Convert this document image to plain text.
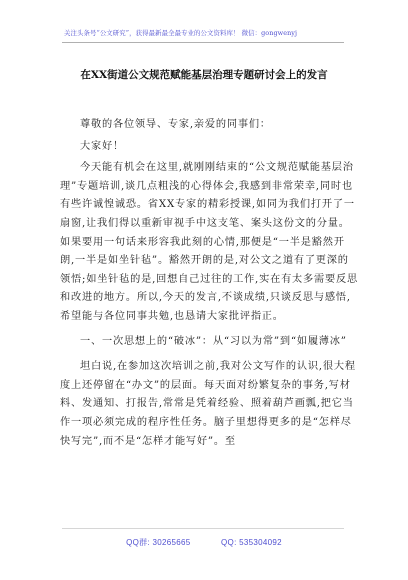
关注头条号“公文研究”，获得最新最全最专业的公文资料库！ 微信：gongwenyj
在XX街道公文规范赋能基层治理专题研讨会上的发言

尊敬的各位领导、专家,亲爱的同事们：

大家好！

今天能有机会在这里,就刚刚结束的“公文规范赋能基层治理”专题培训,谈几点粗浅的心得体会,我感到非常荣幸,同时也有些许诚惶诚恐。省XX专家的精彩授课,如同为我们打开了一扇窗,让我们得以重新审视手中这支笔、案头这份文的分量。如果要用一句话来形容我此刻的心情,那便是“一半是豁然开朗,一半是如坐针毡”。豁然开朗的是,对公文之道有了更深的领悟;如坐针毡的是,回想自己过往的工作,实在有太多需要反思和改进的地方。所以,今天的发言,不谈成绩,只谈反思与感悟,希望能与各位同事共勉,也恳请大家批评指正。

一、一次思想上的“破冰”：从“习以为常”到“如履薄冰”

坦白说,在参加这次培训之前,我对公文写作的认识,很大程度上还停留在“办文”的层面。每天面对纷繁复杂的事务,写材料、发通知、打报告,常常是凭着经验、照着葫芦画瓢,把它当作一项必须完成的程序性任务。脑子里想得更多的是“怎样尽快写完”,而不是“怎样才能写好”。至

QQ群: 30265665	QQ: 535304092
